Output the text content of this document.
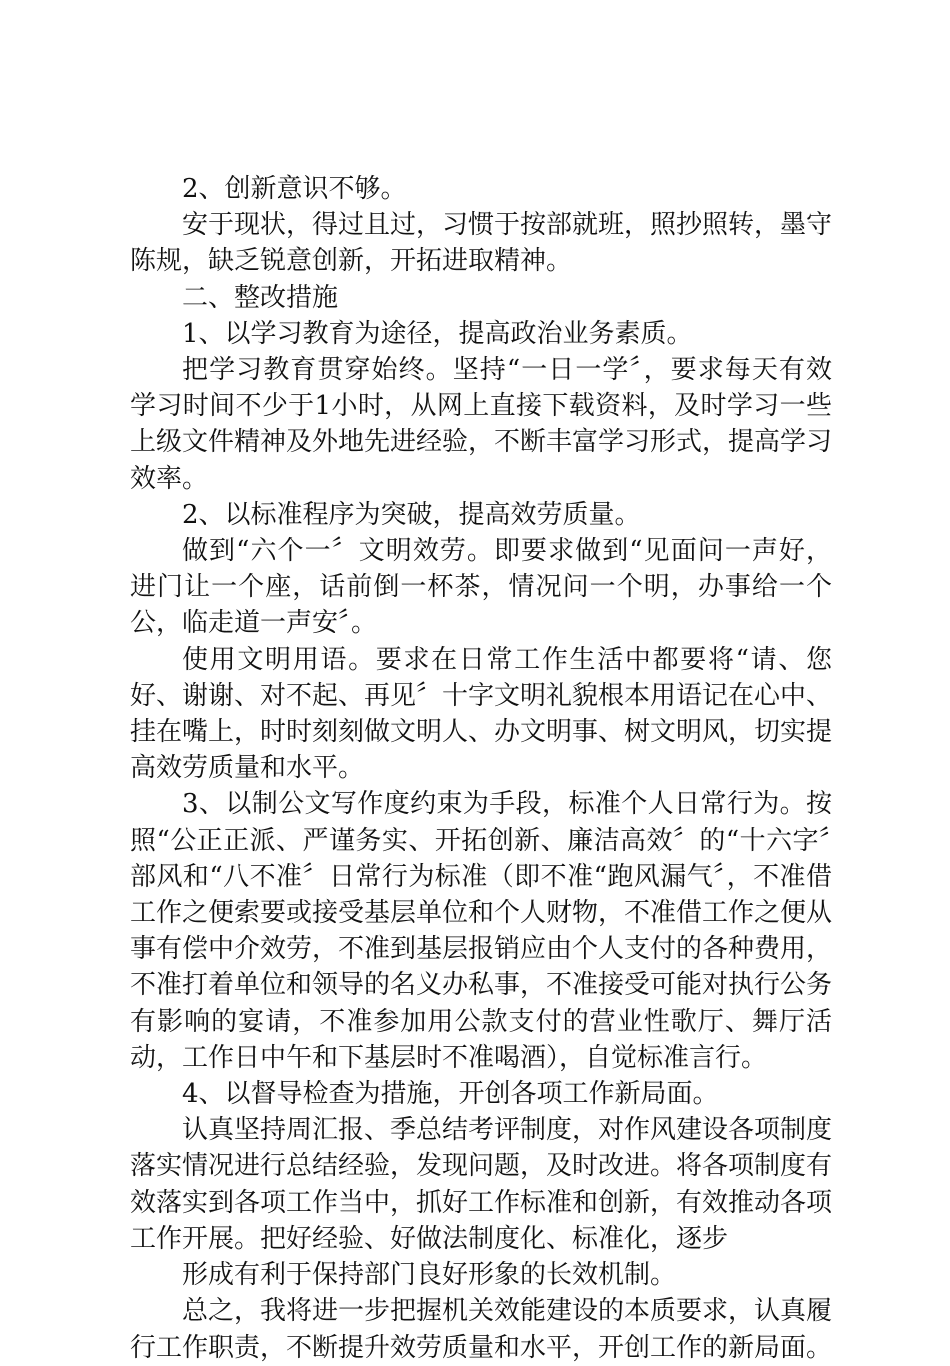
2、创新意识不够。

安于现状，得过且过，习惯于按部就班，照抄照转，墨守陈规，缺乏锐意创新，开拓进取精神。

二、整改措施

1、以学习教育为途径，提高政治业务素质。

把学习教育贯穿始终。坚持“一日一学〞，要求每天有效学习时间不少于1小时，从网上直接下载资料，及时学习一些上级文件精神及外地先进经验，不断丰富学习形式，提高学习效率。

2、以标准程序为突破，提高效劳质量。

做到“六个一〞文明效劳。即要求做到“见面问一声好，进门让一个座，话前倒一杯茶，情况问一个明，办事给一个公，临走道一声安〞。

使用文明用语。要求在日常工作生活中都要将“请、您好、谢谢、对不起、再见〞十字文明礼貌根本用语记在心中、挂在嘴上，时时刻刻做文明人、办文明事、树文明风，切实提高效劳质量和水平。

3、以制公文写作度约束为手段，标准个人日常行为。按照“公正正派、严谨务实、开拓创新、廉洁高效〞的“十六字〞部风和“八不准〞日常行为标准（即不准“跑风漏气〞，不准借工作之便索要或接受基层单位和个人财物，不准借工作之便从事有偿中介效劳，不准到基层报销应由个人支付的各种费用，不准打着单位和领导的名义办私事，不准接受可能对执行公务有影响的宴请，不准参加用公款支付的营业性歌厅、舞厅活动，工作日中午和下基层时不准喝酒），自觉标准言行。

4、以督导检查为措施，开创各项工作新局面。

认真坚持周汇报、季总结考评制度，对作风建设各项制度落实情况进行总结经验，发现问题，及时改进。将各项制度有效落实到各项工作当中，抓好工作标准和创新，有效推动各项工作开展。把好经验、好做法制度化、标准化，逐步

形成有利于保持部门良好形象的长效机制。

总之，我将进一步把握机关效能建设的本质要求，认真履行工作职责，不断提升效劳质量和水平，开创工作的新局面。
